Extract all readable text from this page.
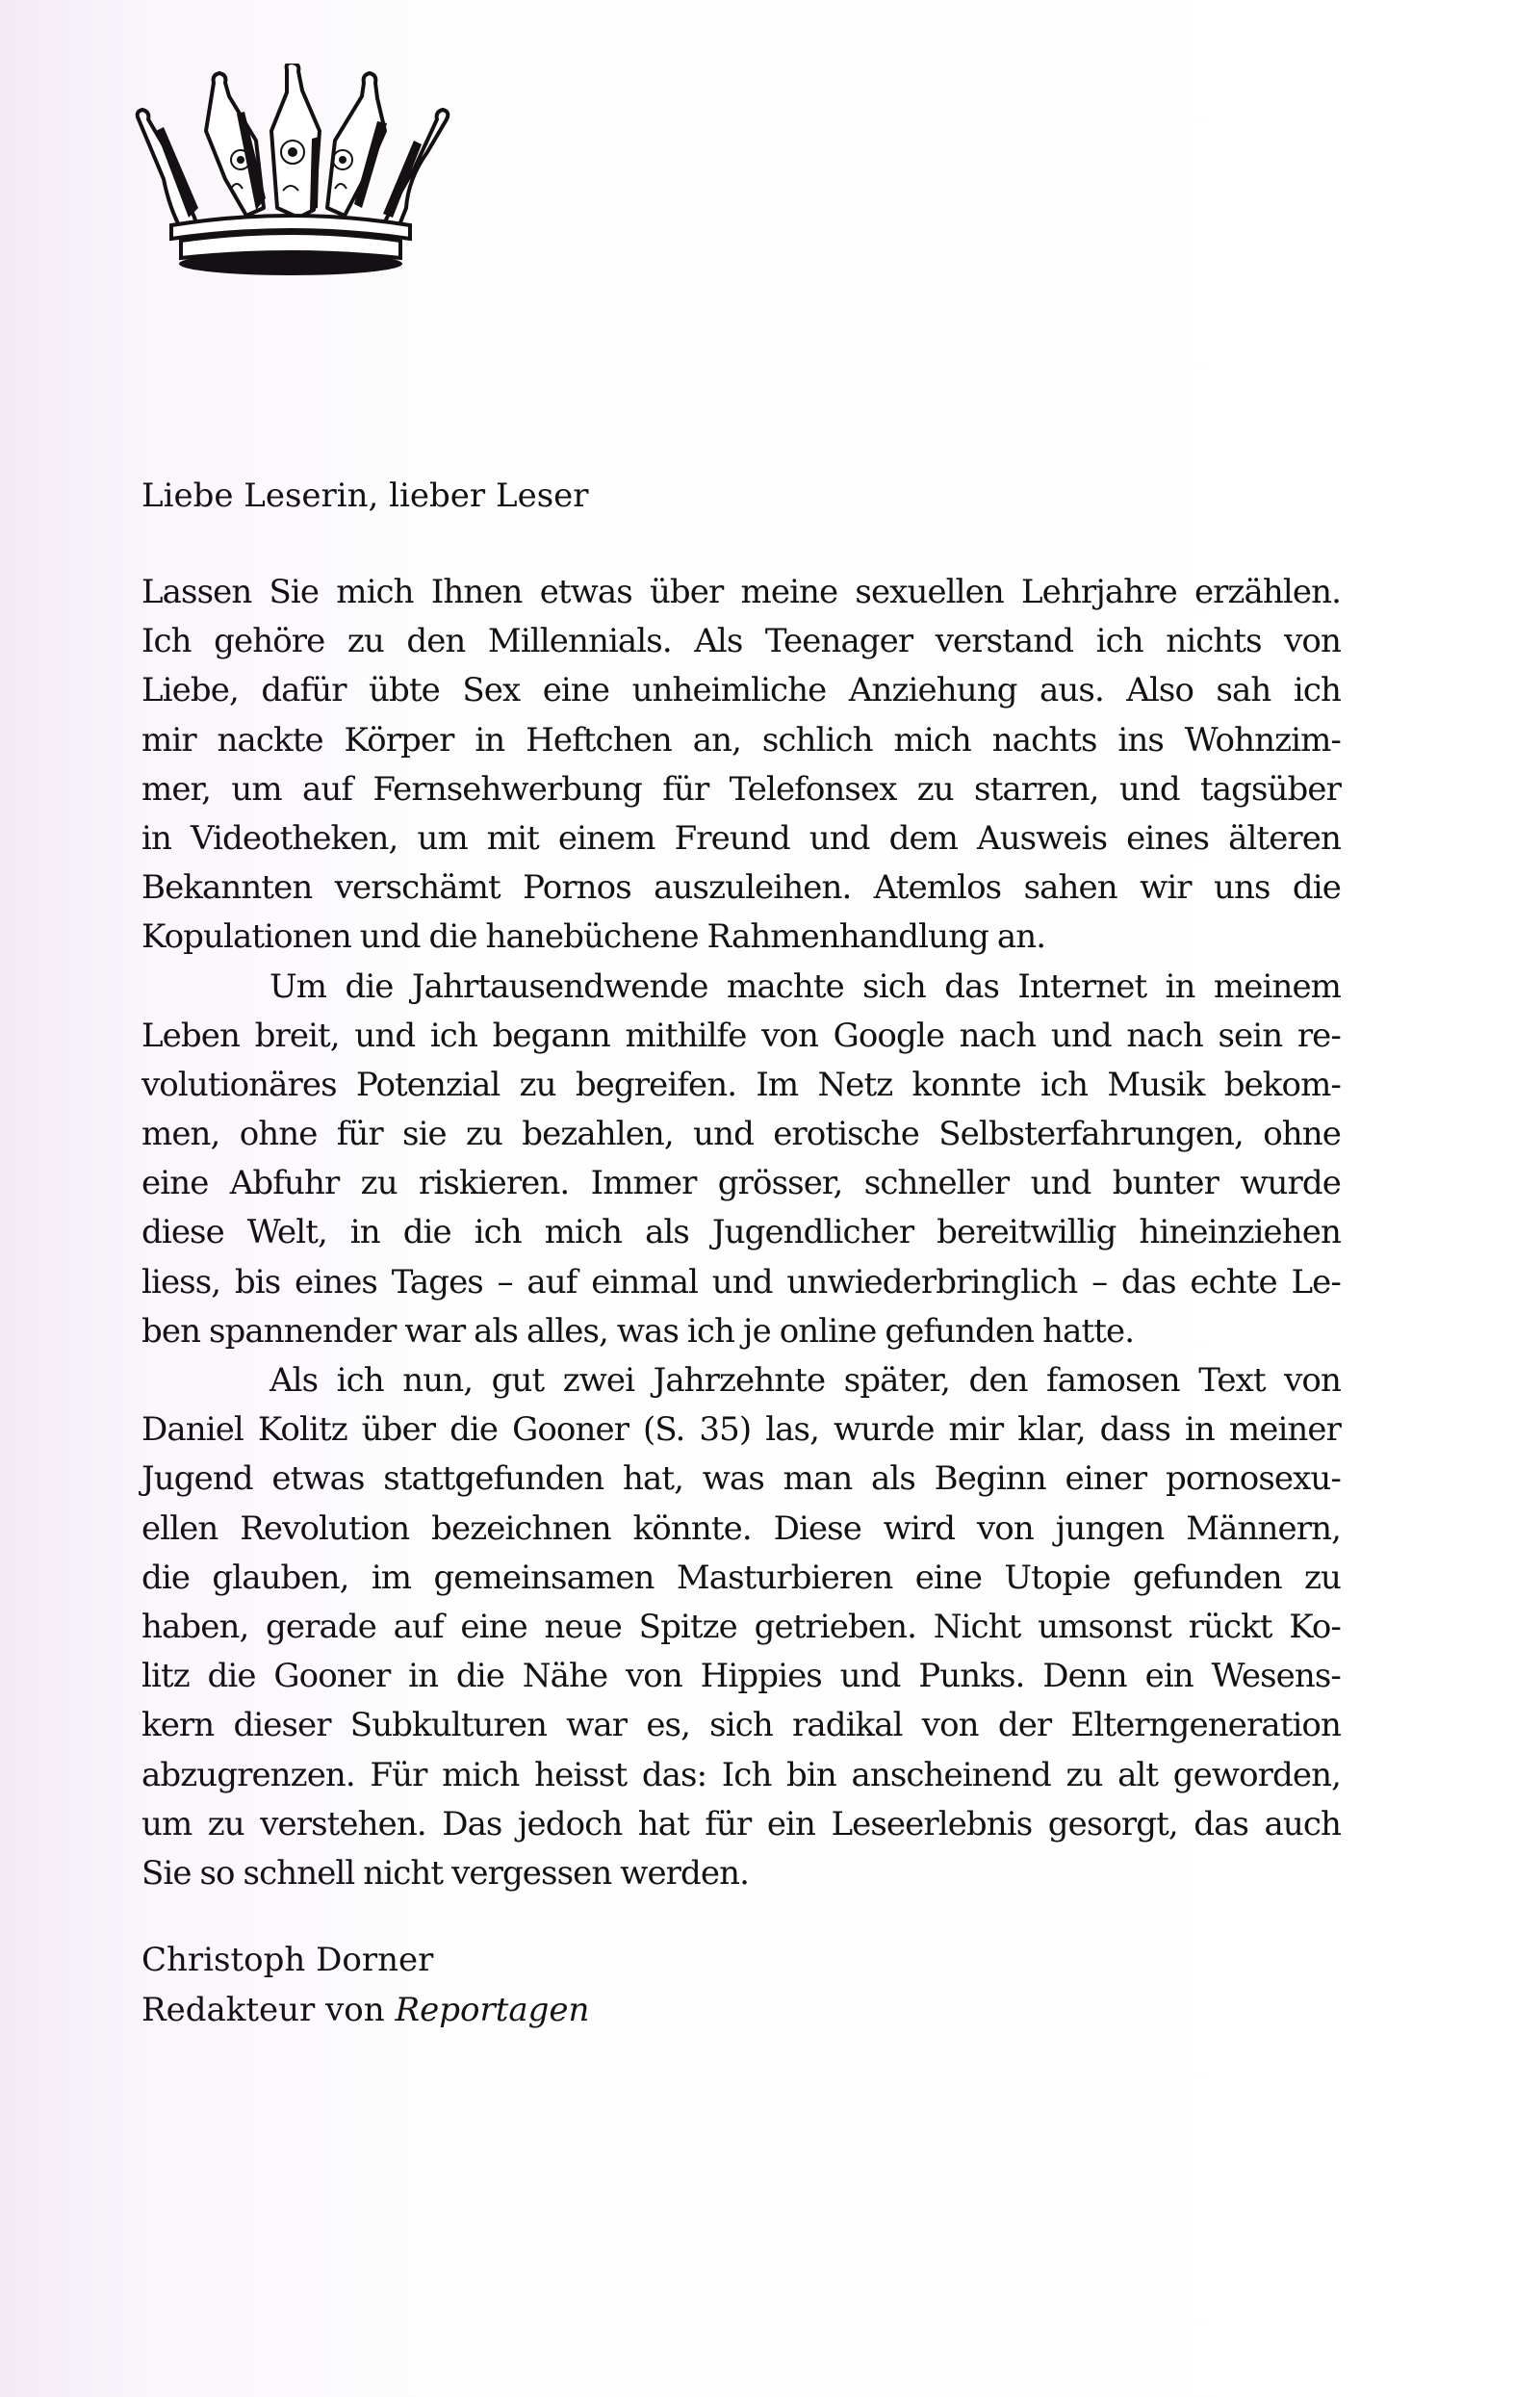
Liebe Leserin, lieber Leser
Lassen Sie mich Ihnen etwas über meine sexuellen Lehrjahre erzählen.
Ich gehöre zu den Millennials. Als Teenager verstand ich nichts von
Liebe, dafür übte Sex eine unheimliche Anziehung aus. Also sah ich
mir nackte Körper in Heftchen an, schlich mich nachts ins Wohnzim-
mer, um auf Fernsehwerbung für Telefonsex zu starren, und tagsüber
in Videotheken, um mit einem Freund und dem Ausweis eines älteren
Bekannten verschämt Pornos auszuleihen. Atemlos sahen wir uns die
Kopulationen und die hanebüchene Rahmenhandlung an.
Um die Jahrtausendwende machte sich das Internet in meinem
Leben breit, und ich begann mithilfe von Google nach und nach sein re-
volutionäres Potenzial zu begreifen. Im Netz konnte ich Musik bekom-
men, ohne für sie zu bezahlen, und erotische Selbsterfahrungen, ohne
eine Abfuhr zu riskieren. Immer grösser, schneller und bunter wurde
diese Welt, in die ich mich als Jugendlicher bereitwillig hineinziehen
liess, bis eines Tages – auf einmal und unwiederbringlich – das echte Le-
ben spannender war als alles, was ich je online gefunden hatte.
Als ich nun, gut zwei Jahrzehnte später, den famosen Text von
Daniel Kolitz über die Gooner (S. 35) las, wurde mir klar, dass in meiner
Jugend etwas stattgefunden hat, was man als Beginn einer pornosexu-
ellen Revolution bezeichnen könnte. Diese wird von jungen Männern,
die glauben, im gemeinsamen Masturbieren eine Utopie gefunden zu
haben, gerade auf eine neue Spitze getrieben. Nicht umsonst rückt Ko-
litz die Gooner in die Nähe von Hippies und Punks. Denn ein Wesens-
kern dieser Subkulturen war es, sich radikal von der Elterngeneration
abzugrenzen. Für mich heisst das: Ich bin anscheinend zu alt geworden,
um zu verstehen. Das jedoch hat für ein Leseerlebnis gesorgt, das auch
Sie so schnell nicht vergessen werden.
Christoph Dorner
Redakteur von Reportagen
